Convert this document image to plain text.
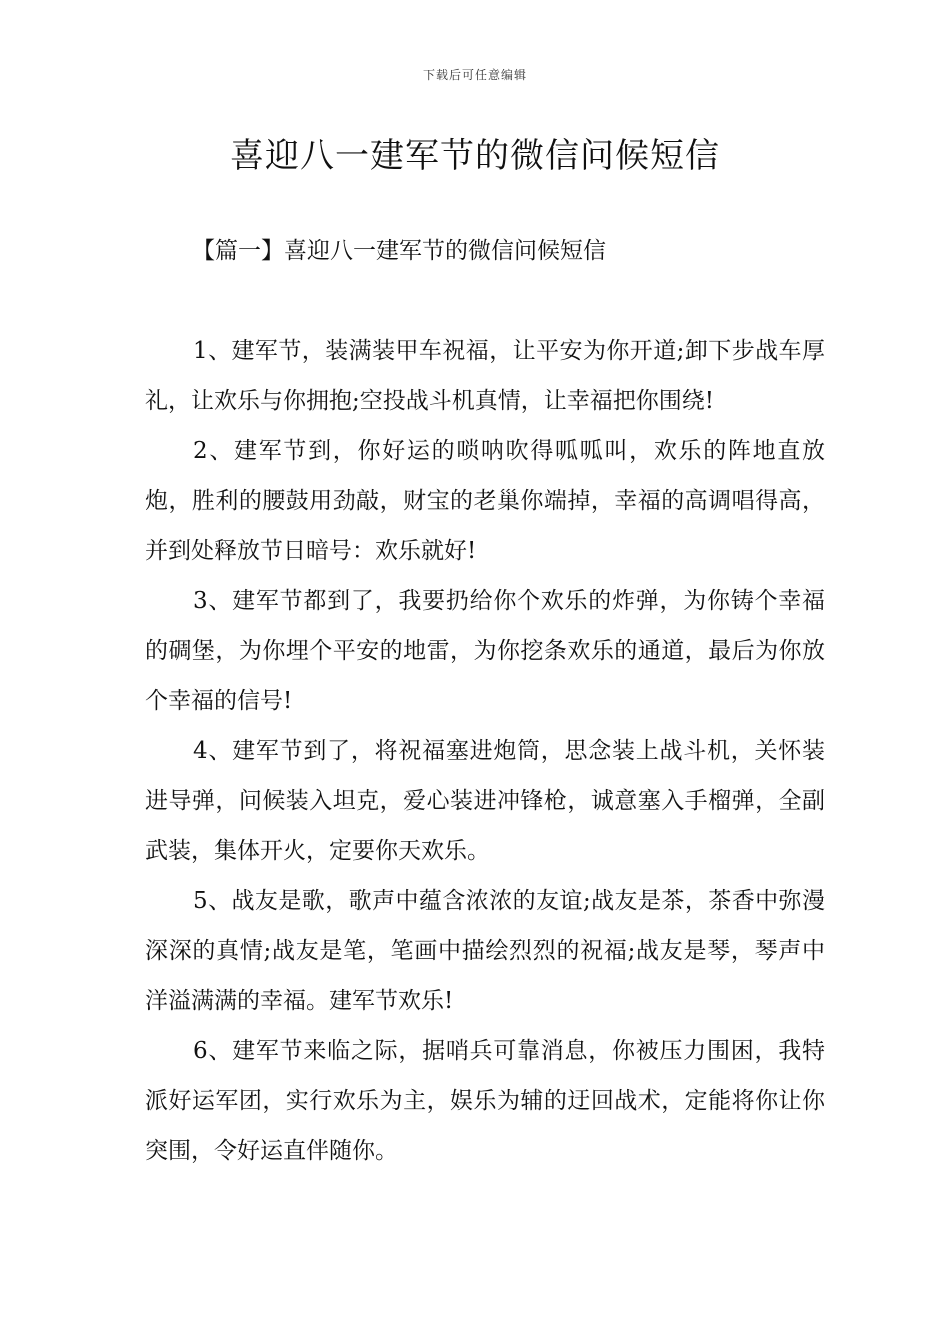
下载后可任意编辑
喜迎八一建军节的微信问候短信
【篇一】喜迎八一建军节的微信问候短信

1、建军节，装满装甲车祝福，让平安为你开道;卸下步战车厚礼，让欢乐与你拥抱;空投战斗机真情，让幸福把你围绕!

2、建军节到，你好运的唢呐吹得呱呱叫，欢乐的阵地直放炮，胜利的腰鼓用劲敲，财宝的老巢你端掉，幸福的高调唱得高，并到处释放节日暗号：欢乐就好!

3、建军节都到了，我要扔给你个欢乐的炸弹，为你铸个幸福的碉堡，为你埋个平安的地雷，为你挖条欢乐的通道，最后为你放个幸福的信号!

4、建军节到了，将祝福塞进炮筒，思念装上战斗机，关怀装进导弹，问候装入坦克，爱心装进冲锋枪，诚意塞入手榴弹，全副武装，集体开火，定要你天欢乐。

5、战友是歌，歌声中蕴含浓浓的友谊;战友是茶，茶香中弥漫深深的真情;战友是笔，笔画中描绘烈烈的祝福;战友是琴，琴声中洋溢满满的幸福。建军节欢乐!

6、建军节来临之际，据哨兵可靠消息，你被压力围困，我特派好运军团，实行欢乐为主，娱乐为辅的迂回战术，定能将你让你突围，令好运直伴随你。
